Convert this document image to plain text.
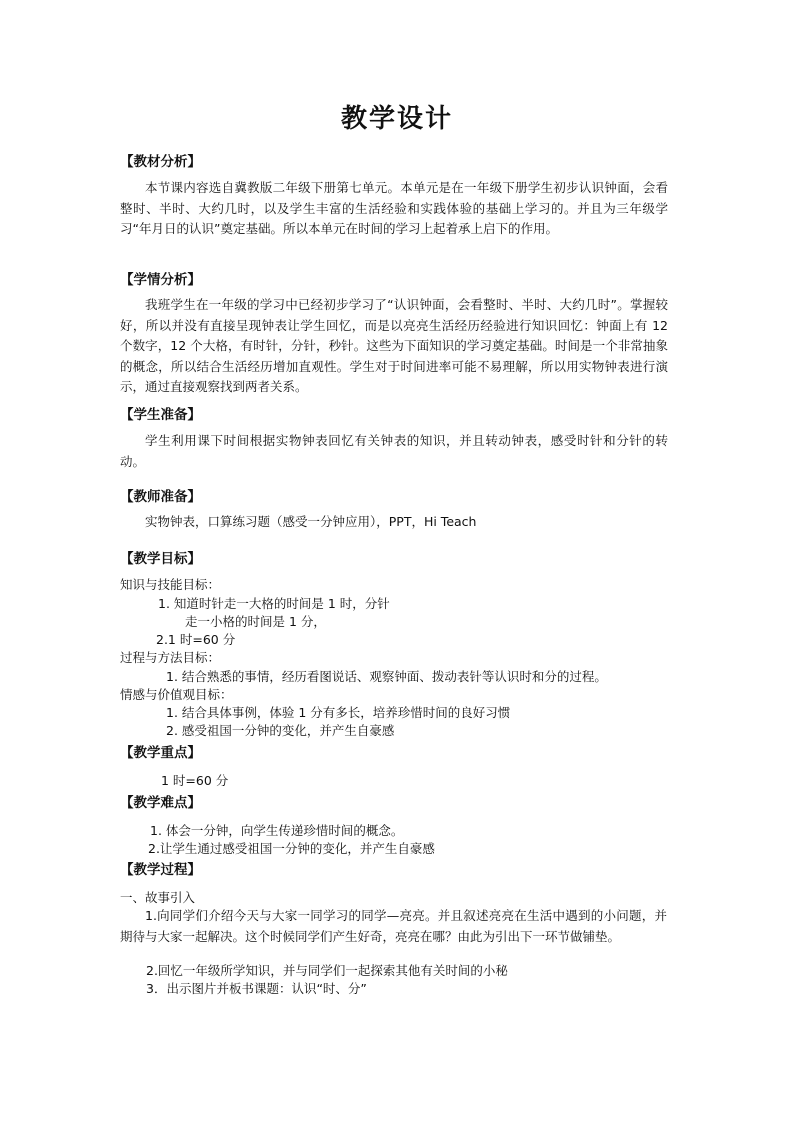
教学设计
【教材分析】

本节课内容选自冀教版二年级下册第七单元。本单元是在一年级下册学生初步认识钟面，会看整时、半时、大约几时，以及学生丰富的生活经验和实践体验的基础上学习的。并且为三年级学习“年月日的认识”奠定基础。所以本单元在时间的学习上起着承上启下的作用。

【学情分析】

我班学生在一年级的学习中已经初步学习了“认识钟面，会看整时、半时、大约几时”。掌握较好，所以并没有直接呈现钟表让学生回忆，而是以亮亮生活经历经验进行知识回忆：钟面上有 12 个数字，12 个大格，有时针，分针，秒针。这些为下面知识的学习奠定基础。时间是一个非常抽象的概念，所以结合生活经历增加直观性。学生对于时间进率可能不易理解，所以用实物钟表进行演示，通过直接观察找到两者关系。

【学生准备】

学生利用课下时间根据实物钟表回忆有关钟表的知识，并且转动钟表，感受时针和分针的转动。

【教师准备】

实物钟表，口算练习题（感受一分钟应用），PPT，Hi Teach

【教学目标】
知识与技能目标：
1. 知道时针走一大格的时间是 1 时，分针
走一小格的时间是 1 分，
2.1 时=60 分
过程与方法目标：
1. 结合熟悉的事情，经历看图说话、观察钟面、拨动表针等认识时和分的过程。
情感与价值观目标：
1. 结合具体事例，体验 1 分有多长，培养珍惜时间的良好习惯
2. 感受祖国一分钟的变化，并产生自豪感
【教学重点】
1 时=60 分
【教学难点】
1. 体会一分钟，向学生传递珍惜时间的概念。
2.让学生通过感受祖国一分钟的变化，并产生自豪感
【教学过程】
一、故事引入

1.向同学们介绍今天与大家一同学习的同学—亮亮。并且叙述亮亮在生活中遇到的小问题，并期待与大家一起解决。这个时候同学们产生好奇，亮亮在哪？由此为引出下一环节做铺垫。

2.回忆一年级所学知识，并与同学们一起探索其他有关时间的小秘
3．出示图片并板书课题：认识“时、分”
